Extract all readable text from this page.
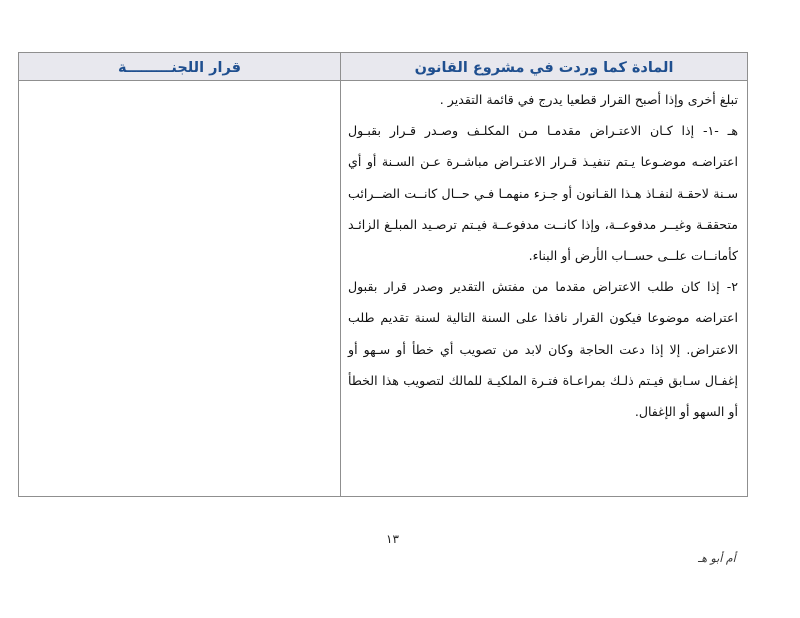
قرار اللجنـــــــــة	المادة كما وردت في مشروع القانون

	تبلغ أخرى وإذا أصبح القرار قطعيا يدرج في قائمة التقدير .

هـ -١- إذا كـان الاعتـراض مقدمـا مـن المكلـف وصـدر قـرار بقبـول اعتراضـه موضـوعا يـتم تنفيـذ قـرار الاعتـراض مباشـرة عـن السـنة أو أي سـنة لاحقـة لنفـاذ هـذا القـانون أو جـزء منهمـا فـي حــال كانــت الضــرائب متحققـة وغيــر مدفوعــة، وإذا كانــت مدفوعــة فيـتم ترصـيد المبلـغ الزائـد كأمانــات علــى حســاب الأرض أو البناء.

٢- إذا كان طلب الاعتراض مقدما من مفتش التقدير وصدر قرار بقبول اعتراضه موضوعا فيكون القرار نافذا على السنة التالية لسنة تقديم طلب الاعتراض. إلا إذا دعت الحاجة وكان لابد من تصويب أي خطأ أو سـهو أو إغفـال سـابق فيـتم ذلـك بمراعـاة فتـرة الملكيـة للمالك لتصويب هذا الخطأ أو السهو أو الإغفال.

١٣
أم أبو هـ
